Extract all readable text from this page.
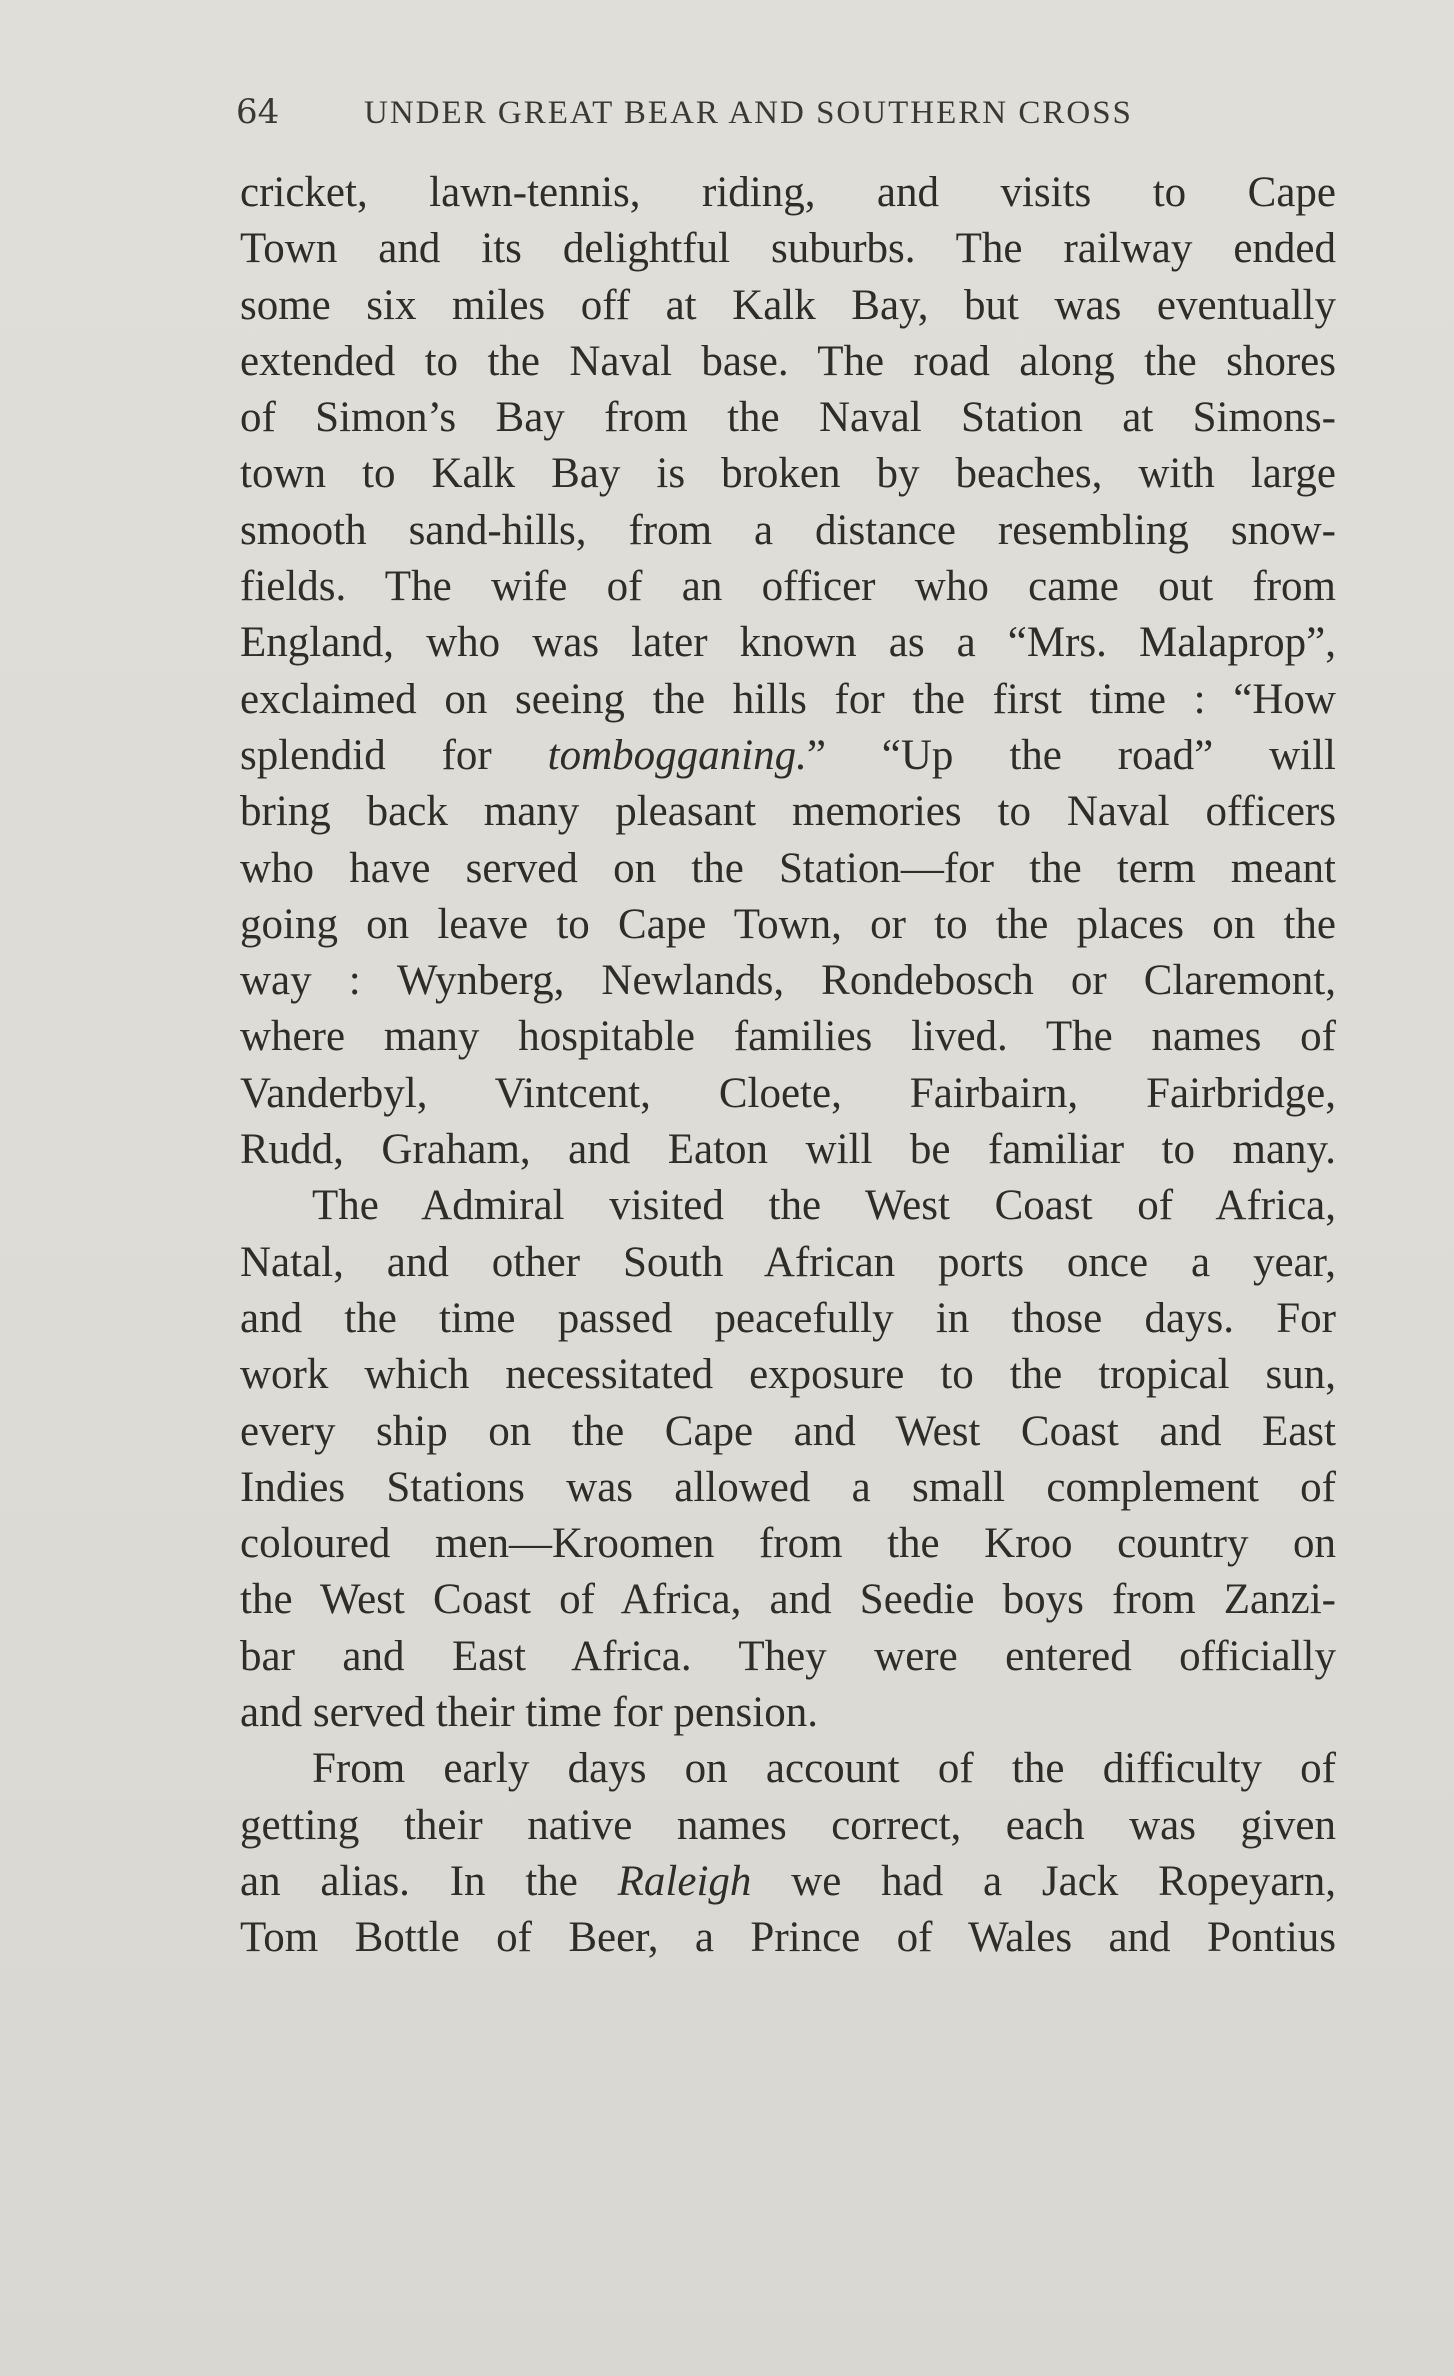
64	UNDER GREAT BEAR AND SOUTHERN CROSS
cricket, lawn-tennis, riding, and visits to Cape
Town and its delightful suburbs. The railway ended
some six miles off at Kalk Bay, but was eventually
extended to the Naval base. The road along the shores
of Simon’s Bay from the Naval Station at Simons-
town to Kalk Bay is broken by beaches, with large
smooth sand-hills, from a distance resembling snow-
fields. The wife of an officer who came out from
England, who was later known as a “Mrs. Malaprop”,
exclaimed on seeing the hills for the first time : “How
splendid for tombogganing.” “Up the road” will
bring back many pleasant memories to Naval officers
who have served on the Station—for the term meant
going on leave to Cape Town, or to the places on the
way : Wynberg, Newlands, Rondebosch or Claremont,
where many hospitable families lived. The names of
Vanderbyl, Vintcent, Cloete, Fairbairn, Fairbridge,
Rudd, Graham, and Eaton will be familiar to many.
The Admiral visited the West Coast of Africa,
Natal, and other South African ports once a year,
and the time passed peacefully in those days. For
work which necessitated exposure to the tropical sun,
every ship on the Cape and West Coast and East
Indies Stations was allowed a small complement of
coloured men—Kroomen from the Kroo country on
the West Coast of Africa, and Seedie boys from Zanzi-
bar and East Africa. They were entered officially
and served their time for pension.
From early days on account of the difficulty of
getting their native names correct, each was given
an alias. In the Raleigh we had a Jack Ropeyarn,
Tom Bottle of Beer, a Prince of Wales and Pontius
